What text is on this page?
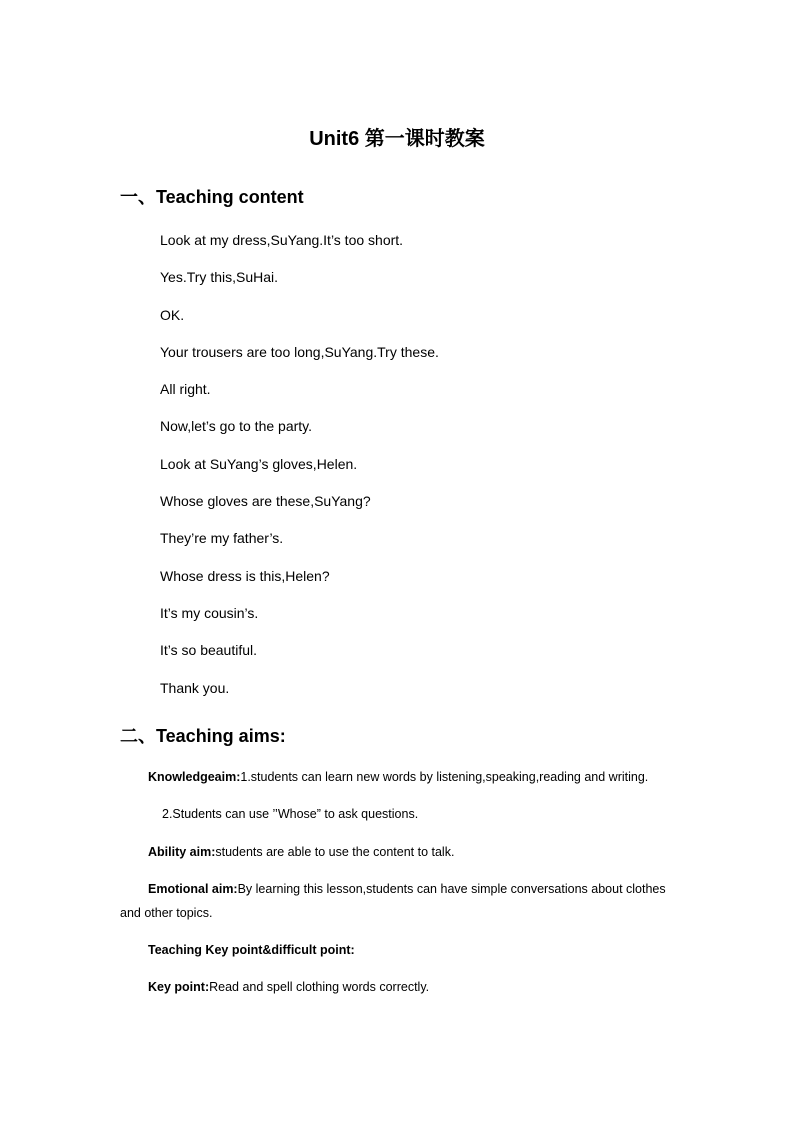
Unit6 第一课时教案
一、Teaching content
Look at my dress,SuYang.It’s too short.
Yes.Try this,SuHai.
OK.
Your trousers are too long,SuYang.Try these.
All right.
Now,let’s go to the party.
Look at SuYang’s gloves,Helen.
Whose gloves are these,SuYang?
They’re my father’s.
Whose dress is this,Helen?
It’s my cousin’s.
It’s so beautiful.
Thank you.
二、Teaching aims:
Knowledgeaim:1.students can learn new words by listening,speaking,reading and writing.
2.Students can use ’’Whose” to ask questions.
Ability aim:students are able to use the content to talk.
Emotional aim:By learning this lesson,students can have simple conversations about clothes
and other topics.
Teaching Key point&difficult point:
Key point:Read and spell clothing words correctly.
